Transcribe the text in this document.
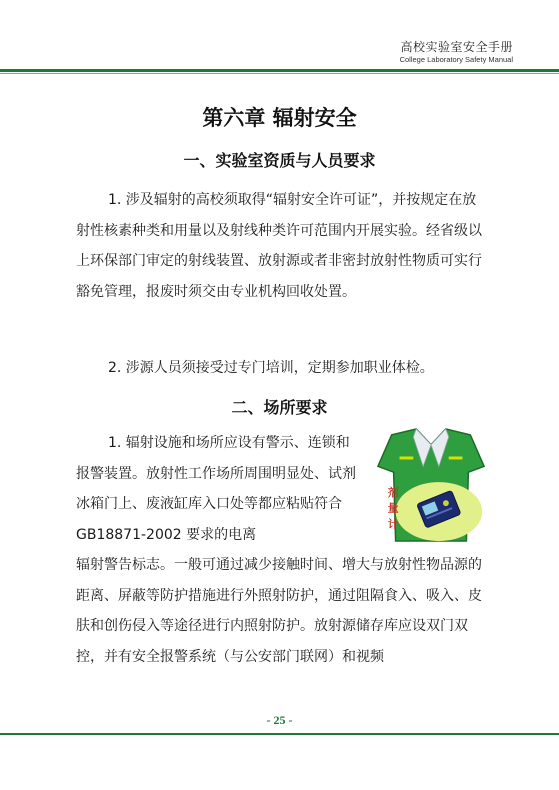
高校实验室安全手册
College Laboratory Safety Manual
第六章 辐射安全
一、实验室资质与人员要求
1. 涉及辐射的高校须取得“辐射安全许可证”，并按规定在放射性核素种类和用量以及射线种类许可范围内开展实验。经省级以上环保部门审定的射线装置、放射源或者非密封放射性物质可实行豁免管理，报废时须交由专业机构回收处置。
2. 涉源人员须接受过专门培训，定期参加职业体检。
二、场所要求
1. 辐射设施和场所应设有警示、连锁和报警装置。放射性工作场所周围明显处、试剂冰箱门上、废液缸库入口处等都应粘贴符合 GB18871-2002 要求的电离
辐射警告标志。一般可通过减少接触时间、增大与放射性物品源的距离、屏蔽等防护措施进行外照射防护，通过阻隔食入、吸入、皮肤和创伤侵入等途径进行内照射防护。放射源储存库应设双门双控，并有安全报警系统（与公安部门联网）和视频
剂
量
计
- 25 -
